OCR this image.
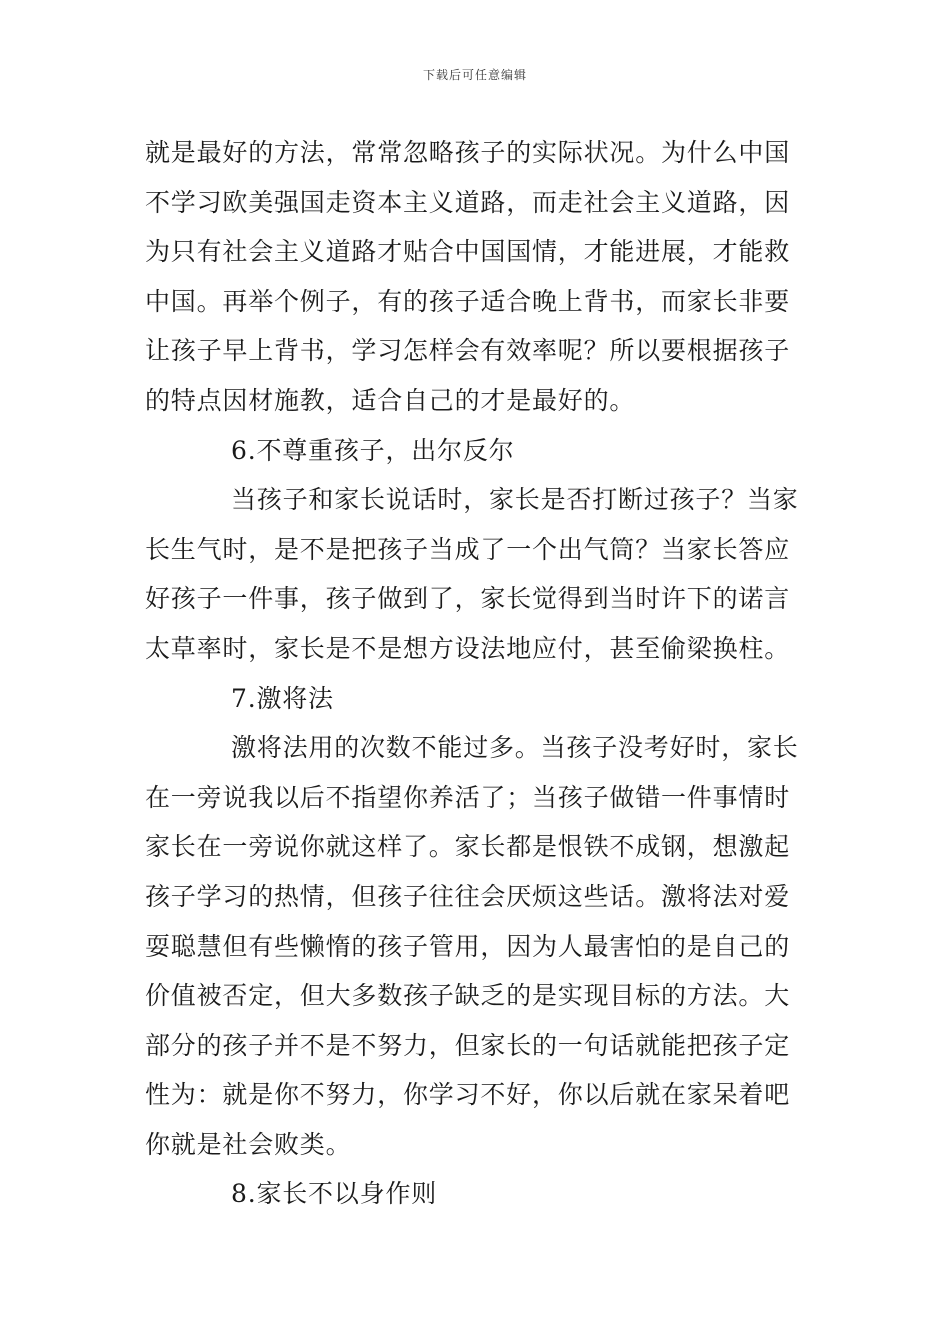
下载后可任意编辑
就是最好的方法，常常忽略孩子的实际状况。为什么中国
不学习欧美强国走资本主义道路，而走社会主义道路，因
为只有社会主义道路才贴合中国国情，才能进展，才能救
中国。再举个例子，有的孩子适合晚上背书，而家长非要
让孩子早上背书，学习怎样会有效率呢？所以要根据孩子
的特点因材施教，适合自己的才是最好的。
6.不尊重孩子，出尔反尔
当孩子和家长说话时，家长是否打断过孩子？当家
长生气时，是不是把孩子当成了一个出气筒？当家长答应
好孩子一件事，孩子做到了，家长觉得到当时许下的诺言
太草率时，家长是不是想方设法地应付，甚至偷梁换柱。
7.激将法
激将法用的次数不能过多。当孩子没考好时，家长
在一旁说我以后不指望你养活了；当孩子做错一件事情时
家长在一旁说你就这样了。家长都是恨铁不成钢，想激起
孩子学习的热情，但孩子往往会厌烦这些话。激将法对爱
耍聪慧但有些懒惰的孩子管用，因为人最害怕的是自己的
价值被否定，但大多数孩子缺乏的是实现目标的方法。大
部分的孩子并不是不努力，但家长的一句话就能把孩子定
性为：就是你不努力，你学习不好，你以后就在家呆着吧
你就是社会败类。
8.家长不以身作则
